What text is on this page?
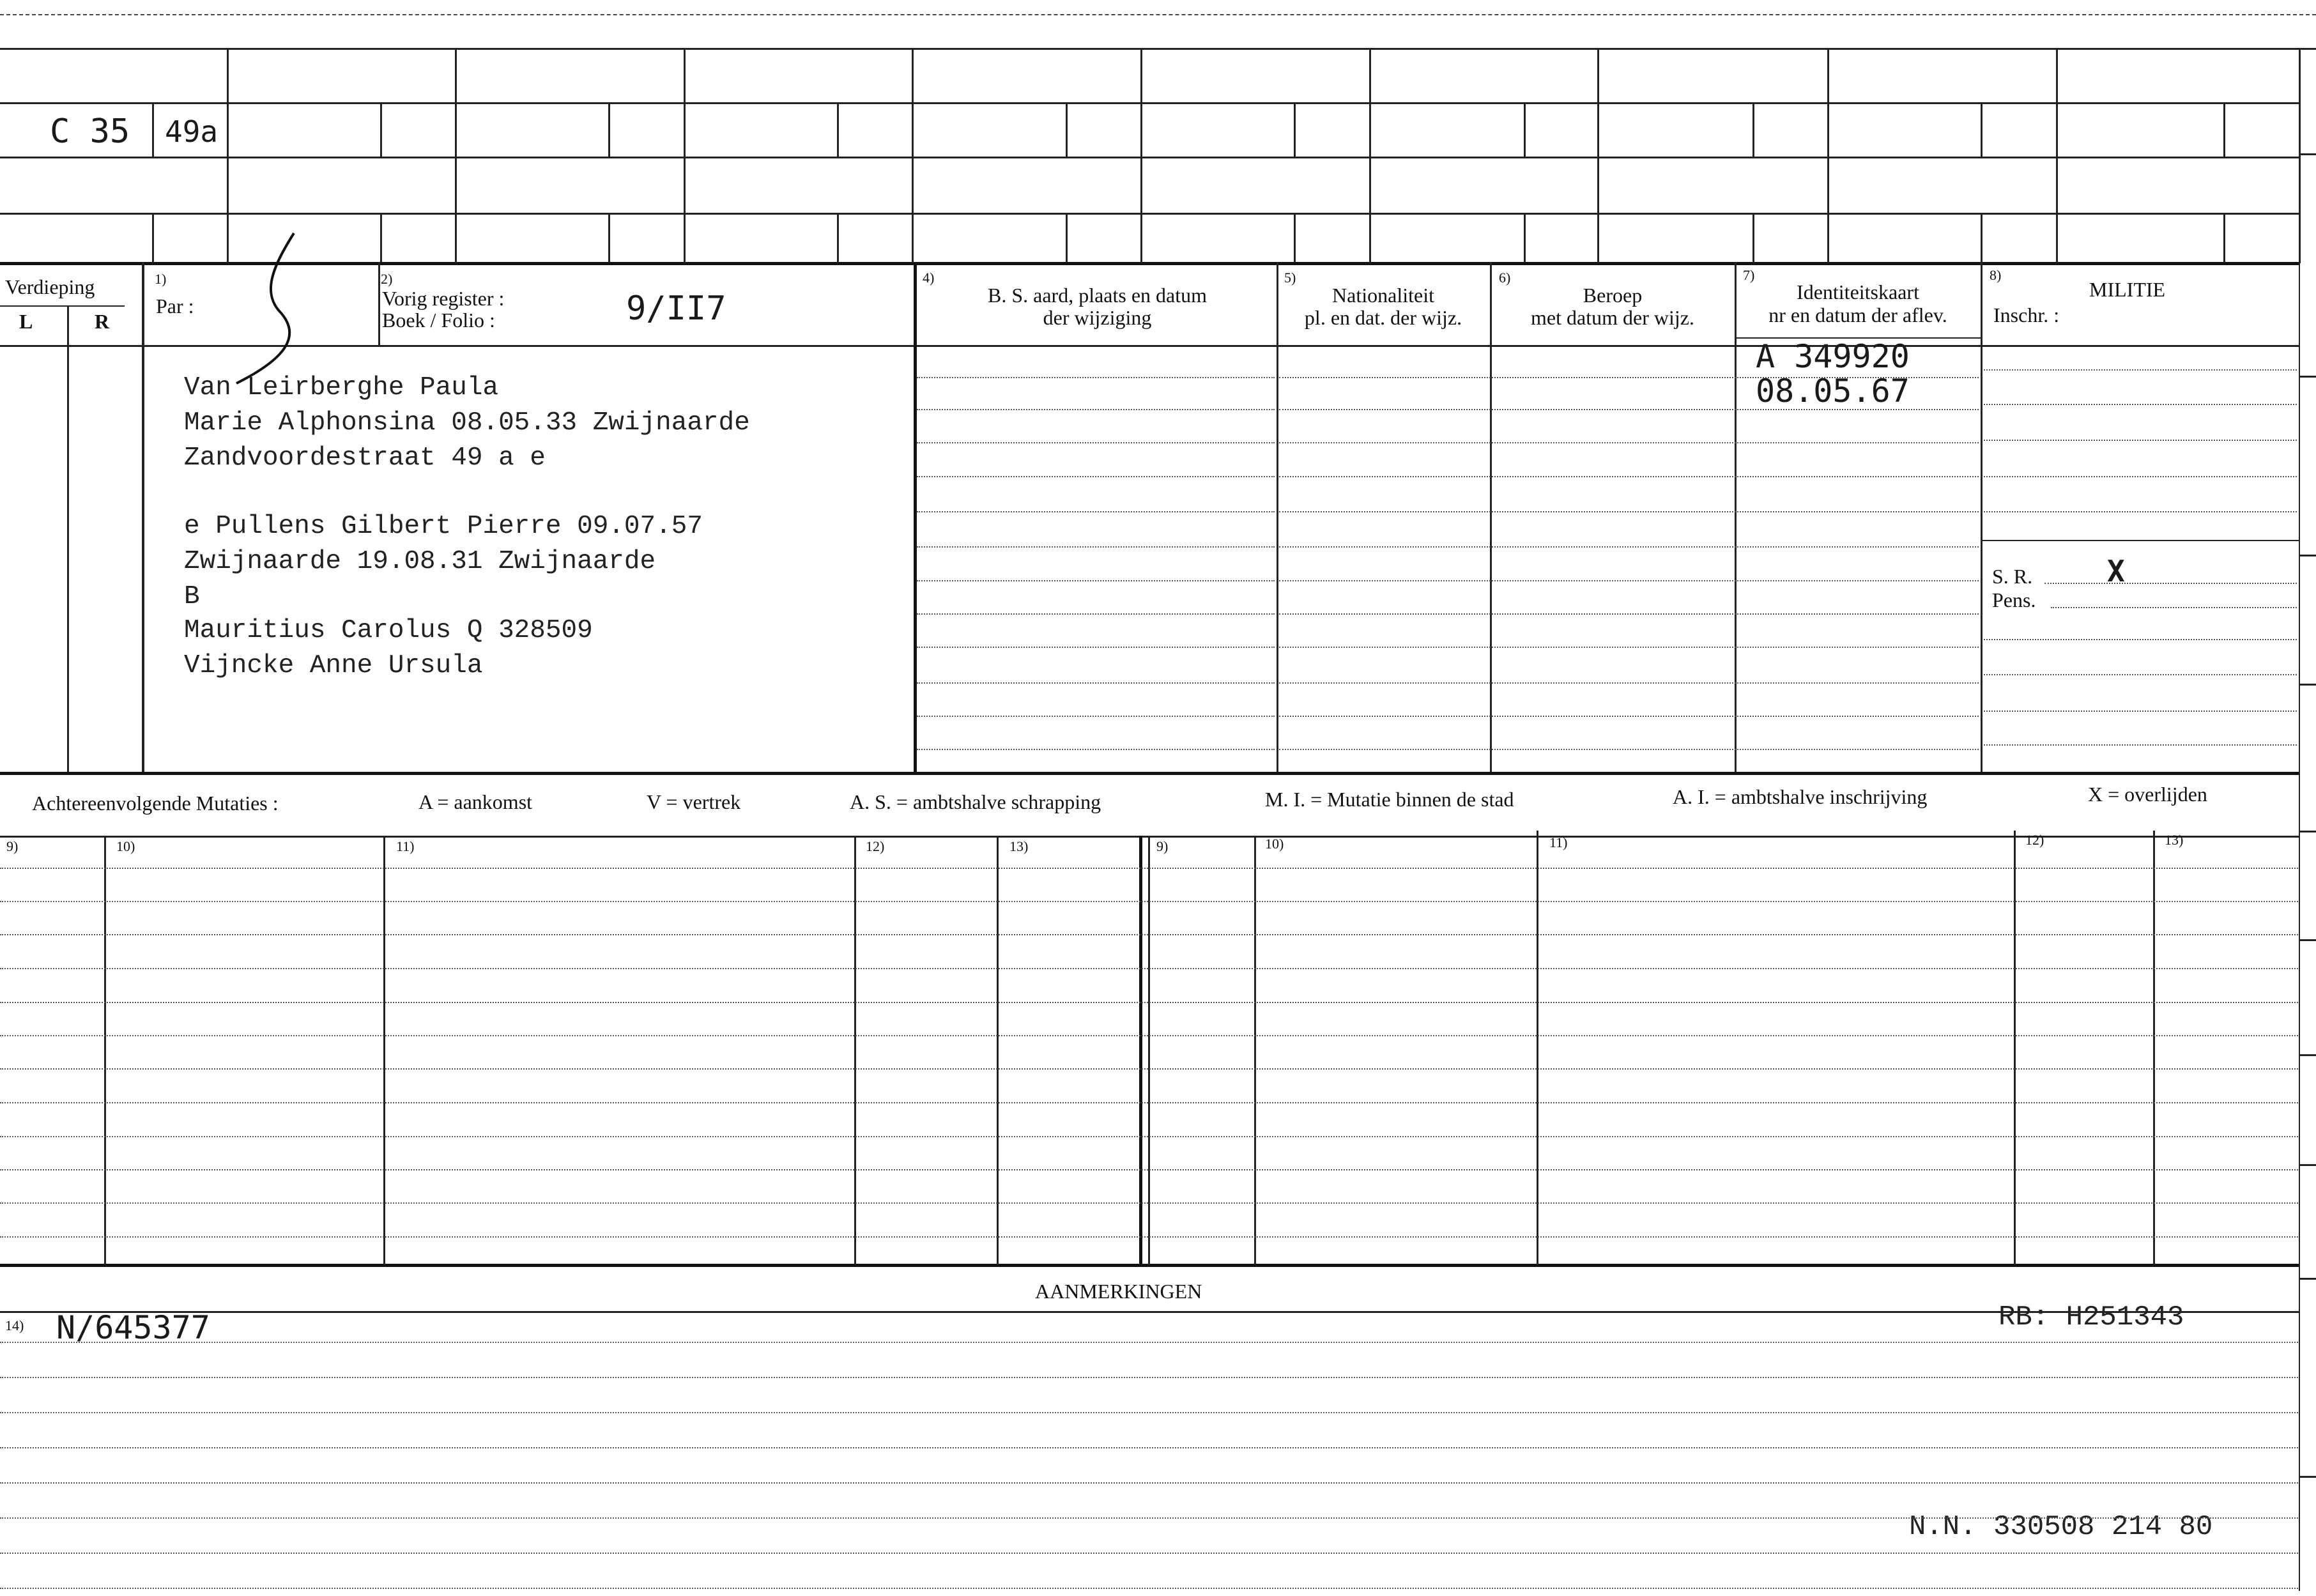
C 35 49a
Verdieping
L	R
1)
Par :
2)
Vorig register :
Boek / Folio :	9/II7
4)
B. S. aard, plaats en datum
der wijziging
5)
Nationaliteit
pl. en dat. der wijz.
6)
Beroep
met datum der wijz.
7)
Identiteitskaart
nr en datum der aflev.
A 349920
08.05.67
8)
MILITIE
Inschr. :
S. R.	X
Pens.
Van Leirberghe Paula
Marie Alphonsina 08.05.33 Zwijnaarde
Zandvoordestraat 49 a e
e Pullens Gilbert Pierre 09.07.57
Zwijnaarde 19.08.31 Zwijnaarde
B
Mauritius Carolus Q 328509
Vijncke Anne Ursula
Achtereenvolgende Mutaties :	A = aankomst	V = vertrek	A. S. = ambtshalve schrapping	M. I. = Mutatie binnen de stad	A. I. = ambtshalve inschrijving	X = overlijden
9)	10)	11)	12)	13)	9)	10)	11)	12)	13)
AANMERKINGEN
14) N/645377	RB: H251343
N.N. 330508 214 80
